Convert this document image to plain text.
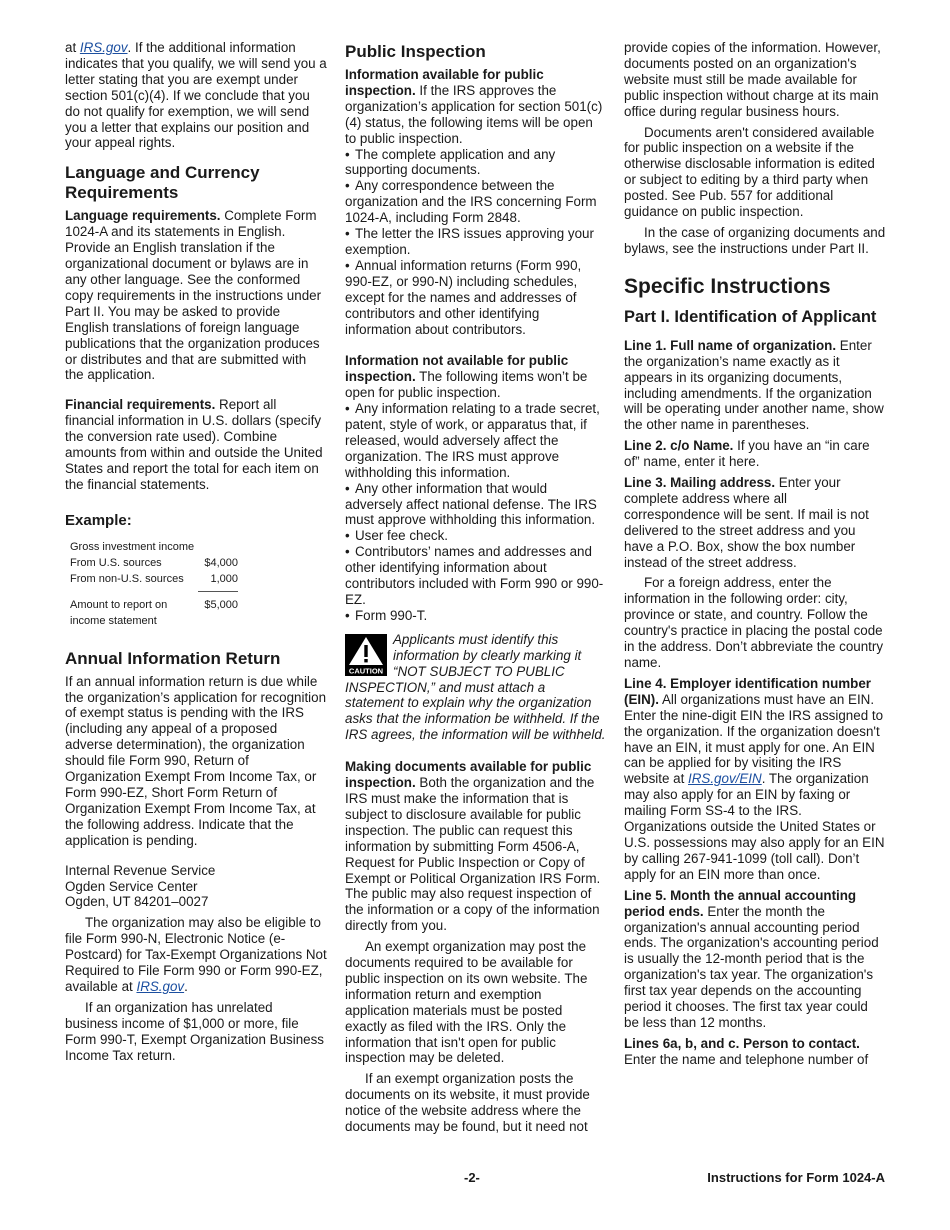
at IRS.gov. If the additional information indicates that you qualify, we will send you a letter stating that you are exempt under section 501(c)(4). If we conclude that you do not qualify for exemption, we will send you a letter that explains our position and your appeal rights.

Language and Currency Requirements

Language requirements. Complete Form 1024-A and its statements in English. Provide an English translation if the organizational document or bylaws are in any other language. See the conformed copy requirements in the instructions under Part II. You may be asked to provide English translations of foreign language publications that the organization produces or distributes and that are submitted with the application.

Financial requirements. Report all financial information in U.S. dollars (specify the conversion rate used). Combine amounts from within and outside the United States and report the total for each item on the financial statements.

Example:
Gross investment income	
From U.S. sources	$4,000
From non-U.S. sources	1,000

Amount to report on income statement	$5,000
Annual Information Return

If an annual information return is due while the organization’s application for recognition of exempt status is pending with the IRS (including any appeal of a proposed adverse determination), the organization should file Form 990, Return of Organization Exempt From Income Tax, or Form 990-EZ, Short Form Return of Organization Exempt From Income Tax, at the following address. Indicate that the application is pending.

Internal Revenue Service

Ogden Service Center

Ogden, UT 84201–0027

The organization may also be eligible to file Form 990-N, Electronic Notice (e-Postcard) for Tax-Exempt Organizations Not Required to File Form 990 or Form 990-EZ, available at IRS.gov.

If an organization has unrelated business income of $1,000 or more, file Form 990-T, Exempt Organization Business Income Tax return.

Public Inspection

Information available for public inspection. If the IRS approves the organization’s application for section 501(c)(4) status, the following items will be open to public inspection.

• The complete application and any supporting documents.
• Any correspondence between the organization and the IRS concerning Form 1024-A, including Form 2848.
• The letter the IRS issues approving your exemption.
• Annual information returns (Form 990, 990-EZ, or 990-N) including schedules, except for the names and addresses of contributors and other identifying information about contributors.

Information not available for public inspection. The following items won’t be open for public inspection.

• Any information relating to a trade secret, patent, style of work, or apparatus that, if released, would adversely affect the organization. The IRS must approve withholding this information.
• Any other information that would adversely affect national defense. The IRS must approve withholding this information.
• User fee check.
• Contributors’ names and addresses and other identifying information about contributors included with Form 990 or 990-EZ.
• Form 990-T.
CAUTION
Applicants must identify this information by clearly marking it “NOT SUBJECT TO PUBLIC INSPECTION,” and must attach a statement to explain why the organization asks that the information be withheld. If the IRS agrees, the information will be withheld.

Making documents available for public inspection. Both the organization and the IRS must make the information that is subject to disclosure available for public inspection. The public can request this information by submitting Form 4506-A, Request for Public Inspection or Copy of Exempt or Political Organization IRS Form. The public may also request inspection of the information or a copy of the information directly from you.

An exempt organization may post the documents required to be available for public inspection on its own website. The information return and exemption application materials must be posted exactly as filed with the IRS. Only the information that isn't open for public inspection may be deleted.

If an exempt organization posts the documents on its website, it must provide notice of the website address where the documents may be found, but it need not

provide copies of the information. However, documents posted on an organization's website must still be made available for public inspection without charge at its main office during regular business hours.

Documents aren't considered available for public inspection on a website if the otherwise disclosable information is edited or subject to editing by a third party when posted. See Pub. 557 for additional guidance on public inspection.

In the case of organizing documents and bylaws, see the instructions under Part II.

Specific Instructions
Part I. Identification of Applicant

Line 1. Full name of organization. Enter the organization’s name exactly as it appears in its organizing documents, including amendments. If the organization will be operating under another name, show the other name in parentheses.

Line 2. c/o Name. If you have an “in care of” name, enter it here.

Line 3. Mailing address. Enter your complete address where all correspondence will be sent. If mail is not delivered to the street address and you have a P.O. Box, show the box number instead of the street address.

For a foreign address, enter the information in the following order: city, province or state, and country. Follow the country's practice in placing the postal code in the address. Don’t abbreviate the country name.

Line 4. Employer identification number (EIN). All organizations must have an EIN. Enter the nine-digit EIN the IRS assigned to the organization. If the organization doesn't have an EIN, it must apply for one. An EIN can be applied for by visiting the IRS website at IRS.gov/EIN. The organization may also apply for an EIN by faxing or mailing Form SS-4 to the IRS. Organizations outside the United States or U.S. possessions may also apply for an EIN by calling 267-941-1099 (toll call). Don’t apply for an EIN more than once.

Line 5. Month the annual accounting period ends. Enter the month the organization's annual accounting period ends. The organization's accounting period is usually the 12-month period that is the organization's tax year. The organization's first tax year depends on the accounting period it chooses. The first tax year could be less than 12 months.

Lines 6a, b, and c. Person to contact. Enter the name and telephone number of

-2-	Instructions for Form 1024-A
